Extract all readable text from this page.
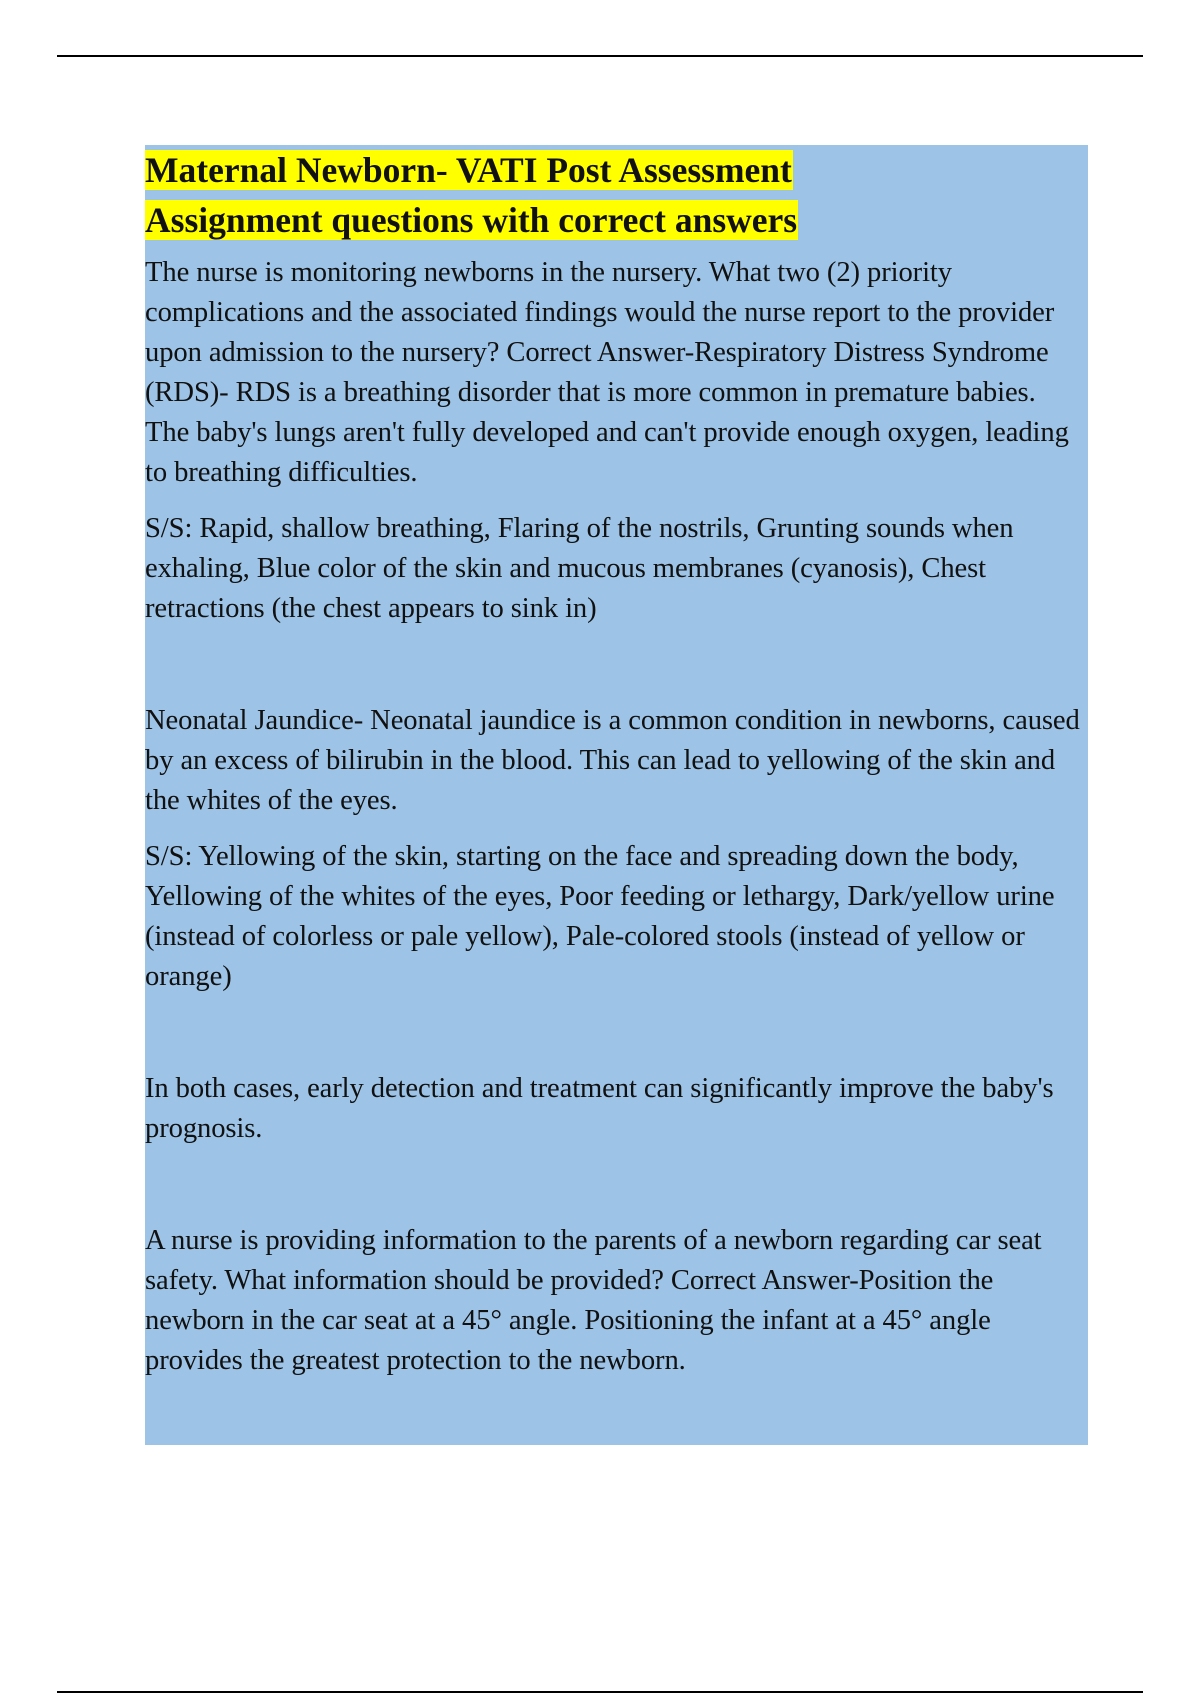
Maternal Newborn- VATI Post Assessment
Assignment questions with correct answers

The nurse is monitoring newborns in the nursery. What two (2) priority complications and the associated findings would the nurse report to the provider upon admission to the nursery? Correct Answer-Respiratory Distress Syndrome (RDS)- RDS is a breathing disorder that is more common in premature babies. The baby's lungs aren't fully developed and can't provide enough oxygen, leading to breathing difficulties.

S/S: Rapid, shallow breathing, Flaring of the nostrils, Grunting sounds when exhaling, Blue color of the skin and mucous membranes (cyanosis), Chest retractions (the chest appears to sink in)

Neonatal Jaundice- Neonatal jaundice is a common condition in newborns, caused by an excess of bilirubin in the blood. This can lead to yellowing of the skin and the whites of the eyes.

S/S: Yellowing of the skin, starting on the face and spreading down the body, Yellowing of the whites of the eyes, Poor feeding or lethargy, Dark/yellow urine (instead of colorless or pale yellow), Pale-colored stools (instead of yellow or orange)

In both cases, early detection and treatment can significantly improve the baby's prognosis.

A nurse is providing information to the parents of a newborn regarding car seat safety. What information should be provided? Correct Answer-Position the newborn in the car seat at a 45° angle. Positioning the infant at a 45° angle provides the greatest protection to the newborn.
